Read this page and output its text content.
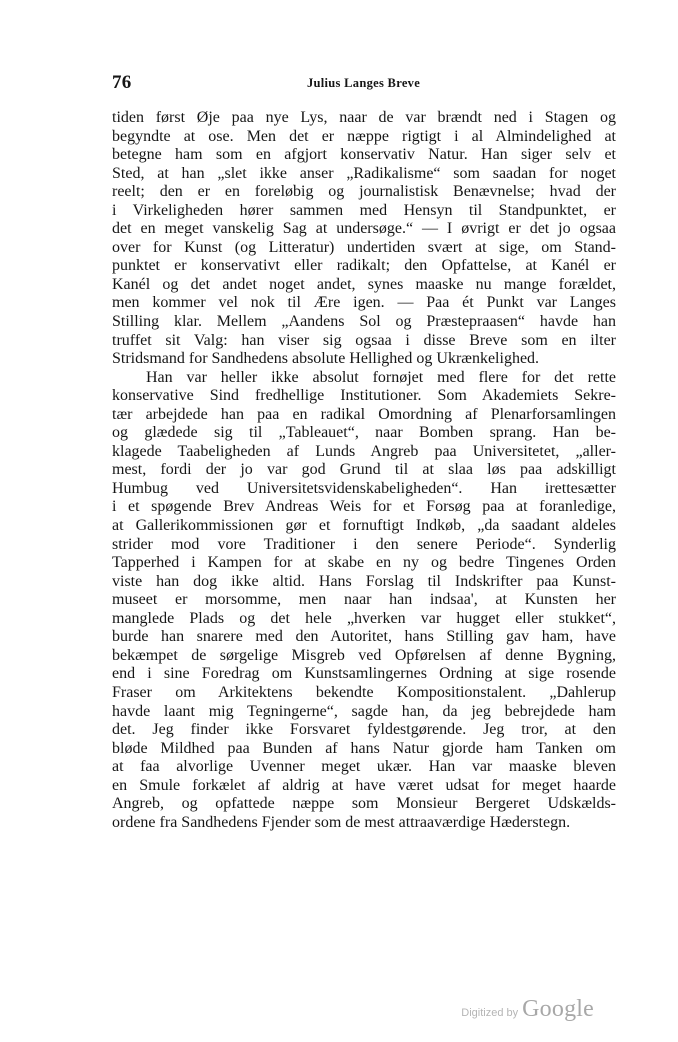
76	Julius Langes Breve
tiden først Øje paa nye Lys, naar de var brændt ned i Stagen og
begyndte at ose. Men det er næppe rigtigt i al Almindelighed at
betegne ham som en afgjort konservativ Natur. Han siger selv et
Sted, at han „slet ikke anser „Radikalisme“ som saadan for noget
reelt; den er en foreløbig og journalistisk Benævnelse; hvad der
i Virkeligheden hører sammen med Hensyn til Standpunktet, er
det en meget vanskelig Sag at undersøge.“ — I øvrigt er det jo ogsaa
over for Kunst (og Litteratur) undertiden svært at sige, om Stand-
punktet er konservativt eller radikalt; den Opfattelse, at Kanél er
Kanél og det andet noget andet, synes maaske nu mange forældet,
men kommer vel nok til Ære igen. — Paa ét Punkt var Langes
Stilling klar. Mellem „Aandens Sol og Præstepraasen“ havde han
truffet sit Valg: han viser sig ogsaa i disse Breve som en ilter
Stridsmand for Sandhedens absolute Hellighed og Ukrænkelighed.
Han var heller ikke absolut fornøjet med flere for det rette
konservative Sind fredhellige Institutioner. Som Akademiets Sekre-
tær arbejdede han paa en radikal Omordning af Plenarforsamlingen
og glædede sig til „Tableauet“, naar Bomben sprang. Han be-
klagede Taabeligheden af Lunds Angreb paa Universitetet, „aller-
mest, fordi der jo var god Grund til at slaa løs paa adskilligt
Humbug ved Universitetsvidenskabeligheden“. Han irettesætter
i et spøgende Brev Andreas Weis for et Forsøg paa at foranledige,
at Gallerikommissionen gør et fornuftigt Indkøb, „da saadant aldeles
strider mod vore Traditioner i den senere Periode“. Synderlig
Tapperhed i Kampen for at skabe en ny og bedre Tingenes Orden
viste han dog ikke altid. Hans Forslag til Indskrifter paa Kunst-
museet er morsomme, men naar han indsaa', at Kunsten her
manglede Plads og det hele „hverken var hugget eller stukket“,
burde han snarere med den Autoritet, hans Stilling gav ham, have
bekæmpet de sørgelige Misgreb ved Opførelsen af denne Bygning,
end i sine Foredrag om Kunstsamlingernes Ordning at sige rosende
Fraser om Arkitektens bekendte Kompositionstalent. „Dahlerup
havde laant mig Tegningerne“, sagde han, da jeg bebrejdede ham
det. Jeg finder ikke Forsvaret fyldestgørende. Jeg tror, at den
bløde Mildhed paa Bunden af hans Natur gjorde ham Tanken om
at faa alvorlige Uvenner meget ukær. Han var maaske bleven
en Smule forkælet af aldrig at have været udsat for meget haarde
Angreb, og opfattede næppe som Monsieur Bergeret Udskælds-
ordene fra Sandhedens Fjender som de mest attraaværdige Hæderstegn.
Digitized by Google
